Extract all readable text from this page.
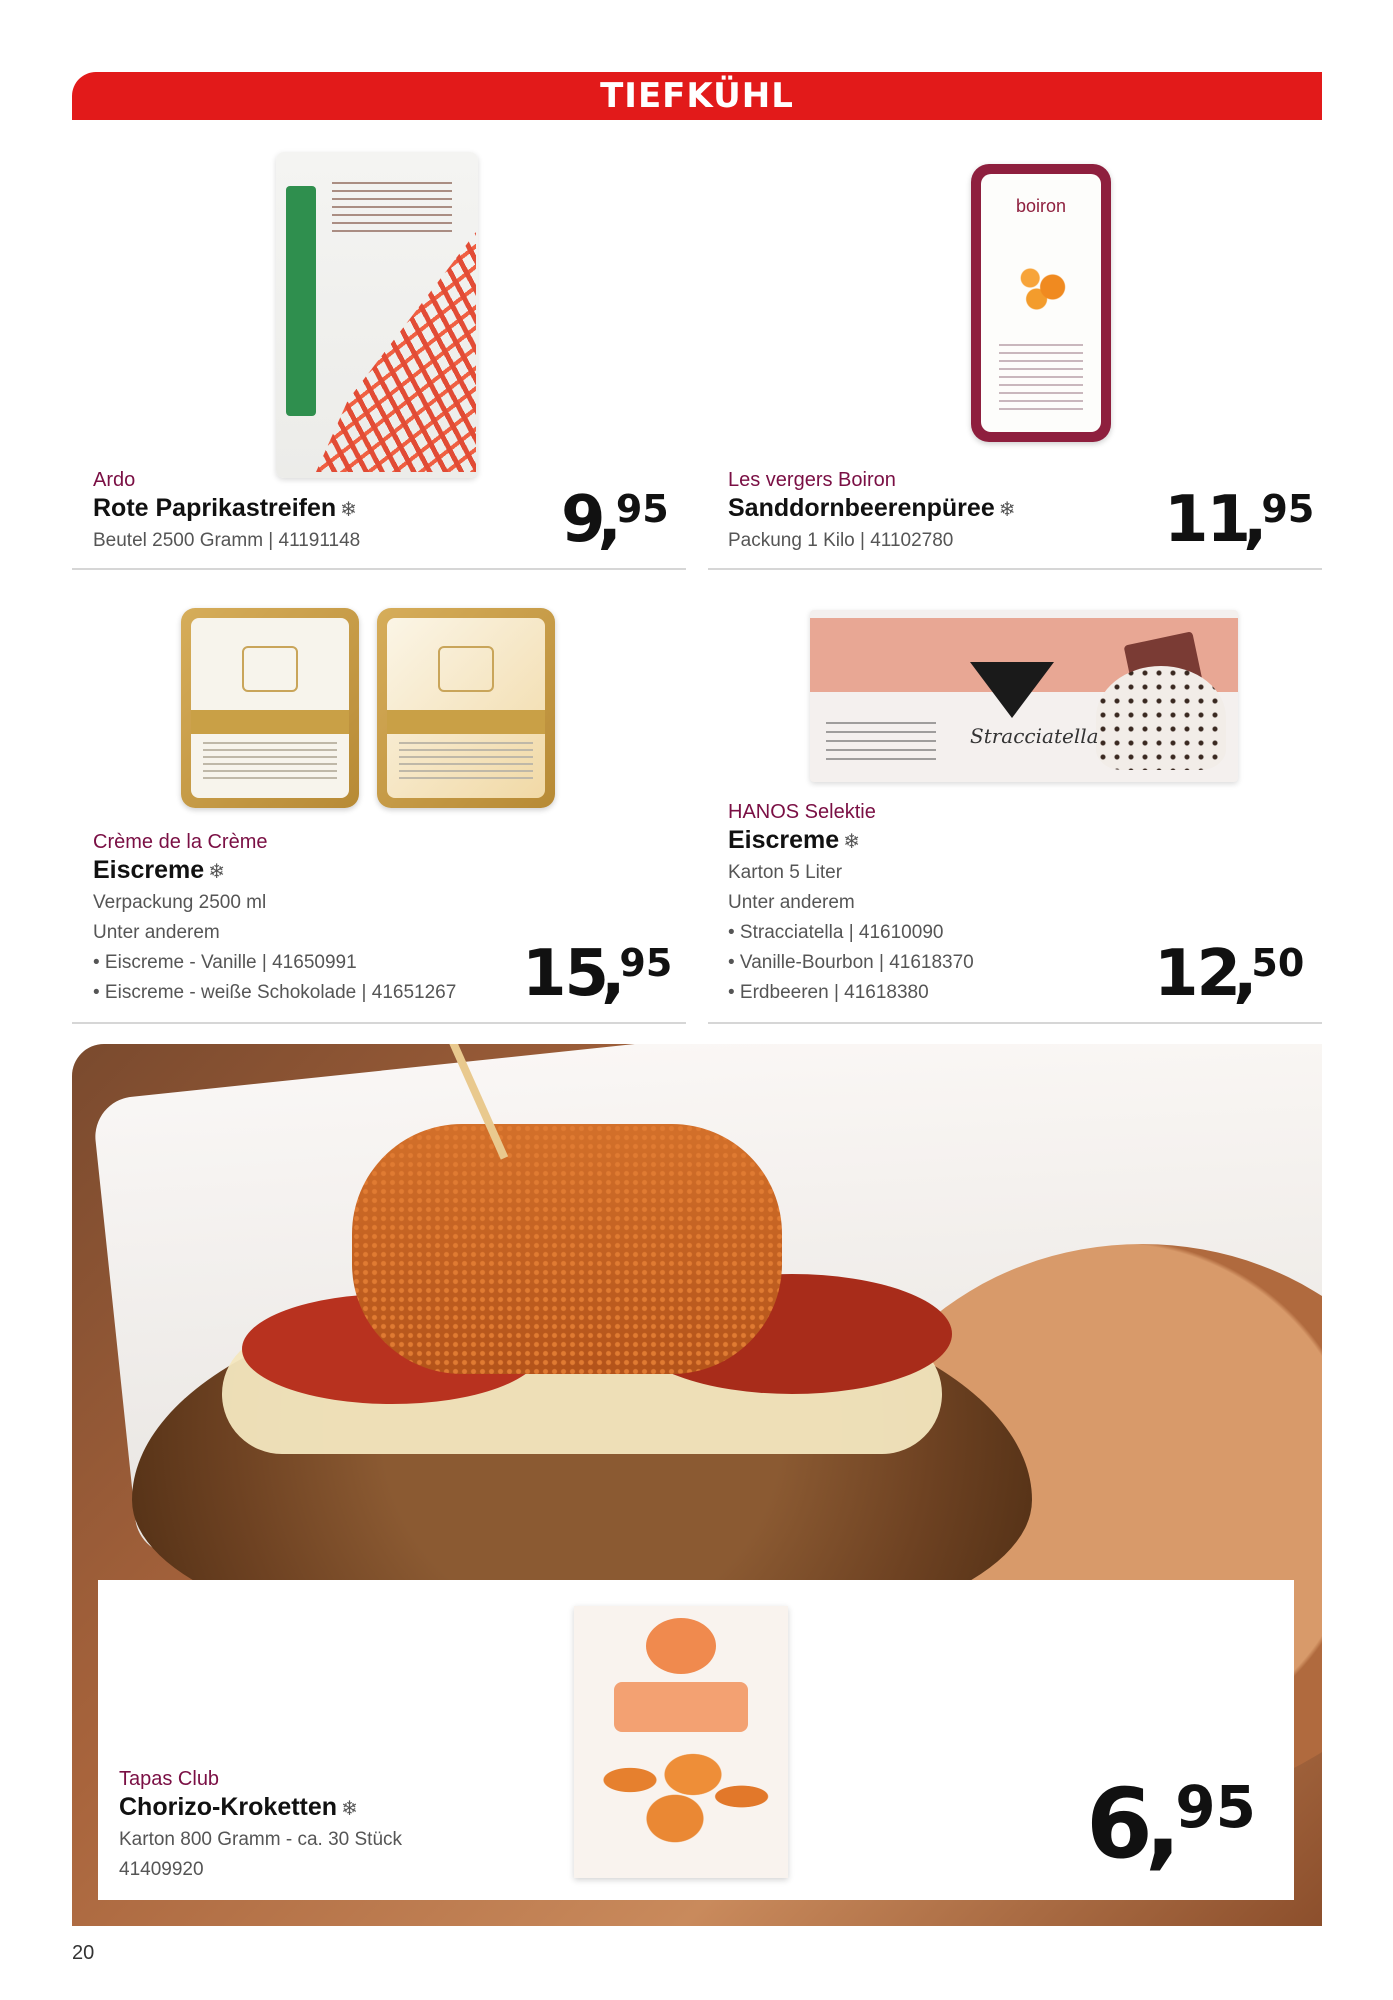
TIEFKÜHL
Ardo
Rote Paprikastreifen ❄
Beutel 2500 Gramm | 41191148	9
,
95
boiron
Les vergers Boiron
Sanddornbeerenpüree ❄
Packung 1 Kilo | 41102780	11
,
95
Crème de la Crème
Eiscreme ❄
Verpackung 2500 ml
Unter anderem
• Eiscreme - Vanille | 41650991
• Eiscreme - weiße Schokolade | 41651267 15
,
95
Stracciatella
HANOS Selektie
Eiscreme ❄
Karton 5 Liter
Unter anderem
• Stracciatella | 41610090
• Vanille-Bourbon | 41618370
• Erdbeeren | 41618380	12
,
50
Tapas Club
Chorizo-Kroketten ❄
Karton 800 Gramm - ca. 30 Stück
41409920	6
,
95
20
